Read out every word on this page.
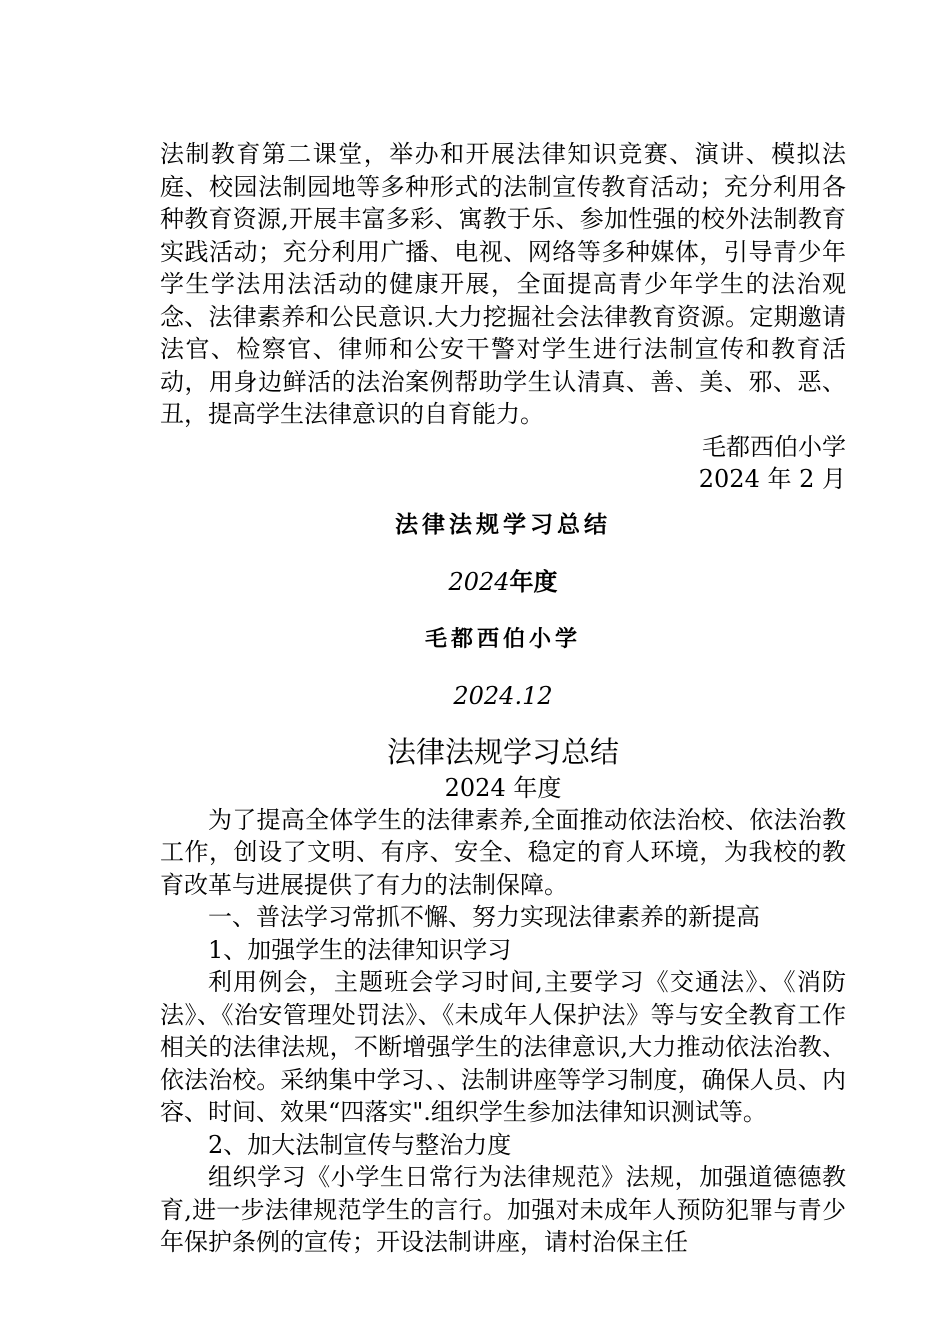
法制教育第二课堂，举办和开展法律知识竞赛、演讲、模拟法庭、校园法制园地等多种形式的法制宣传教育活动；充分利用各种教育资源,开展丰富多彩、寓教于乐、参加性强的校外法制教育实践活动；充分利用广播、电视、网络等多种媒体，引导青少年学生学法用法活动的健康开展，全面提高青少年学生的法治观念、法律素养和公民意识.大力挖掘社会法律教育资源。定期邀请法官、检察官、律师和公安干警对学生进行法制宣传和教育活动，用身边鲜活的法治案例帮助学生认清真、善、美、邪、恶、丑，提高学生法律意识的自育能力。

毛都西伯小学
2024 年 2 月
法律法规学习总结
2024年度
毛都西伯小学
2024.12
法律法规学习总结
2024 年度

为了提高全体学生的法律素养,全面推动依法治校、依法治教工作，创设了文明、有序、安全、稳定的育人环境，为我校的教育改革与进展提供了有力的法制保障。

一、普法学习常抓不懈、努力实现法律素养的新提高

1、加强学生的法律知识学习

利用例会，主题班会学习时间,主要学习《交通法》、《消防法》、《治安管理处罚法》、《未成年人保护法》等与安全教育工作相关的法律法规，不断增强学生的法律意识,大力推动依法治教、依法治校。采纳集中学习、、法制讲座等学习制度，确保人员、内容、时间、效果“四落实".组织学生参加法律知识测试等。

2、加大法制宣传与整治力度

组织学习《小学生日常行为法律规范》法规，加强道德德教育,进一步法律规范学生的言行。加强对未成年人预防犯罪与青少年保护条例的宣传；开设法制讲座，请村治保主任
